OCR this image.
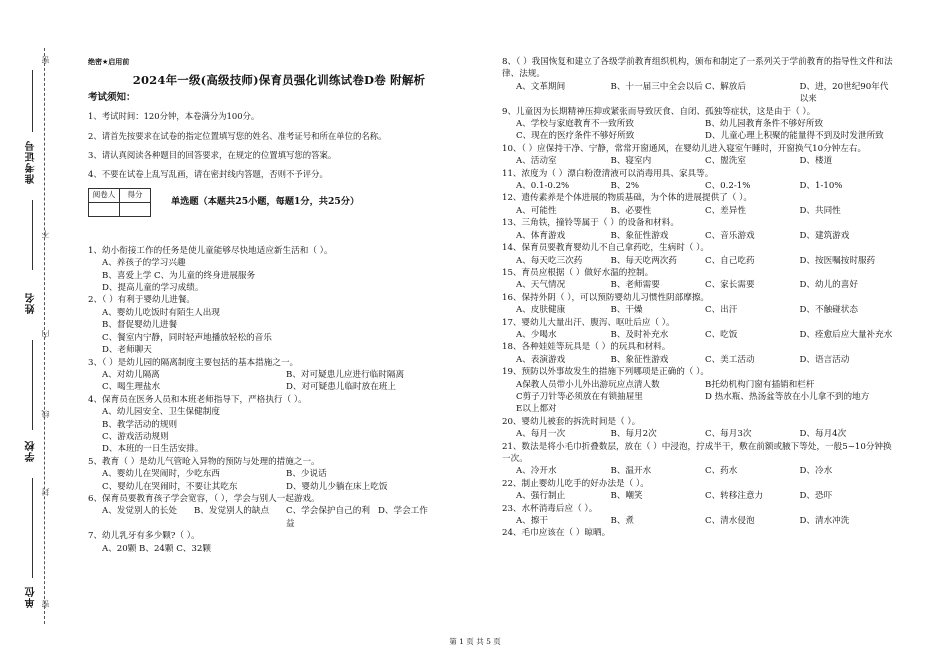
密
不
内
线
封
密
准考证号
姓名
学校
单位
绝密★启用前
2024年一级(高级技师)保育员强化训练试卷D卷 附解析
考试须知：
1、考试时间：120分钟，本卷满分为100分。
2、请首先按要求在试卷的指定位置填写您的姓名、准考证号和所在单位的名称。
3、请认真阅读各种题目的回答要求，在规定的位置填写您的答案。
4、不要在试卷上乱写乱画，请在密封线内答题，否则不予评分。
阅卷人	得分

单选题（本题共25小题，每题1分，共25分）
1、幼小衔接工作的任务是使儿童能够尽快地适应新生活和（ ）。
A、养孩子的学习兴趣
B、喜爱上学 C、为儿童的终身进展服务
D、提高儿童的学习成绩。
2、（ ）有利于婴幼儿进餐。
A、婴幼儿吃饭时有陌生人出现
B、督促婴幼儿进餐
C、餐室内宁静，同时轻声地播放轻松的音乐
D、老师聊天
3、（ ）是幼儿园的隔离制度主要包括的基本措施之一。
A、对幼儿隔离	B、对可疑患儿应进行临时隔离
C、喝生理盐水	D、对可疑患儿临时放在班上
4、保育员在医务人员和本班老师指导下，严格执行（ ）。
A、幼儿园安全、卫生保健制度
B、教学活动的规则
C、游戏活动规则
D、本班的一日生活安排。
5、教育（ ）是幼儿气管呛入异物的预防与处理的措施之一。
A、婴幼儿在哭闹时，少吃东西	B、少说话
C、婴幼儿在哭闹时，不要让其吃东	D、婴幼儿少躺在床上吃饭
6、保育员要教育孩子学会宽容，（ ），学会与别人一起游戏。
A、发觉别人的长处	B、发觉别人的缺点	C、学会保护自己的利益
D、学会工作
7、幼儿乳牙有多少颗?（ ）。
A、20颗 B、24颗 C、32颗
8、（ ）我国恢复和建立了各级学前教育组织机构，颁布和制定了一系列关于学前教育的指导性文件和法律、法规。
A、文革期间	B、十一届三中全会以后 C、解放后	D、进，20世纪90年代以来
9、儿童因为长期精神压抑或紧张而导致厌食、自闭、孤独等症状，这是由于（ ）。
A、学校与家庭教育不一致所致	B、幼儿园教育条件不够好所致
C、现在的医疗条件不够好所致	D、儿童心理上积聚的能量得不到及时发泄所致
10、（ ）应保持干净、宁静，常常开窗通风，在婴幼儿进入寝室午睡时，开窗换气10分钟左右。
A、活动室	B、寝室内	C、盥洗室	D、楼道
11、浓度为（ ）漂白粉澄清液可以消毒用具、家具等。
A、0.1-0.2%	B、2%	C、0.2-1%	D、1-10%
12、遗传素养是个体进展的物质基础，为个体的进展提供了（ ）。
A、可能性	B、必要性	C、差异性	D、共同性
13、三角铁，撞铃等属于（ ）的设备和材料。
A、体育游戏	B、象征性游戏	C、音乐游戏	D、建筑游戏
14、保育员要教育婴幼儿不自己拿药吃，生病时（ ）。
A、每天吃三次药	B、每天吃两次药	C、自己吃药	D、按医嘱按时服药
15、育员应根据（ ）做好水温的控制。
A、天气情况	B、老师需要	C、家长需要	D、幼儿的喜好
16、保持外阴（ ），可以预防婴幼儿习惯性阴部摩擦。
A、皮肤健康	B、干燥	C、出汗	D、不触碰状态
17、婴幼儿大量出汗、腹泻、呕吐后应（ ）。
A、少喝水	B、及时补充水	C、吃饭	D、痊愈后应大量补充水
18、各种娃娃等玩具是（ ）的玩具和材料。
A、表演游戏	B、象征性游戏	C、美工活动	D、语言活动
19、预防以外事故发生的措施下列哪项是正确的（ ）。
A保教人员带小儿外出游玩应点清人数	B托幼机构门窗有插销和栏杆
C剪子刀针等必须放在有锁抽屉里	D 热水瓶、热汤盆等放在小儿拿不到的地方
E以上都对
20、婴幼儿被套的拆洗时间是（ ）。
A、每月一次	B、每月2次	C、每月3次	D、每月4次
21、数法是将小毛巾折叠数层，放在（ ）中浸泡，拧成半干，敷在前额或腋下等处，一般5~10分钟换一次。
A、冷开水	B、温开水	C、药水	D、冷水
22、制止婴幼儿吃手的好办法是（ ）。
A、强行制止	B、嘲笑	C、转移注意力	D、恐吓
23、水杯消毒后应（ ）。
A、擦干	B、煮	C、清水侵泡	D、清水冲洗
24、毛巾应该在（ ）晾晒。
第 1 页 共 5 页
